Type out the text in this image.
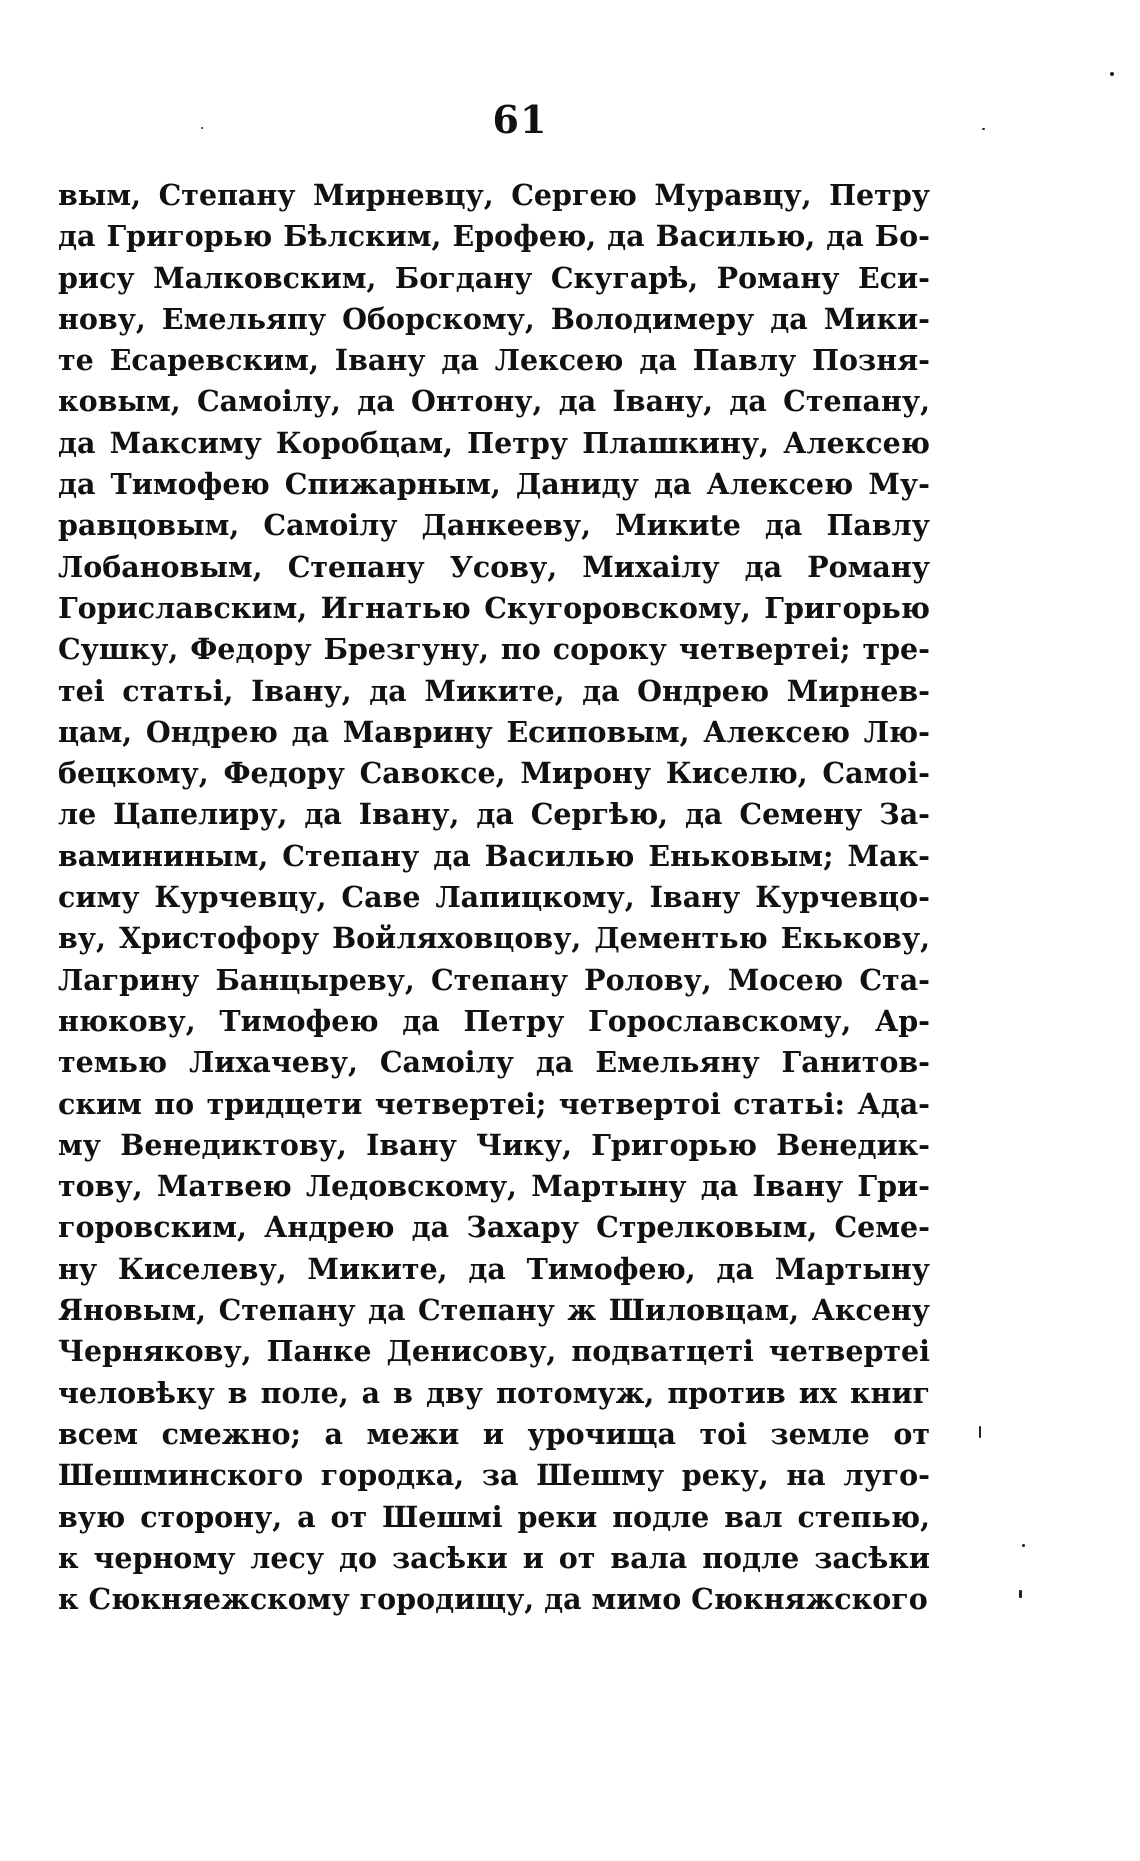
61
вым, Степану Мирневцу, Сергею Муравцу, Петру
да Григорью Бѣлским, Ерофею, да Василью, да Бо-
рису Малковским, Богдану Скугарѣ, Роману Еси-
нову, Емельяпу Оборскому, Володимеру да Мики-
те Есаревским, Івану да Лексею да Павлу Позня-
ковым, Самоілу, да Онтону, да Івану, да Степану,
да Максиму Коробцам, Петру Плашкину, Алексею
да Тимофею Спижарным, Даниду да Алексею Му-
равцовым, Самоілу Данкееву, Микиte да Павлу
Лобановым, Степану Усову, Михаілу да Роману
Гориславским, Игнатью Скугоровскому, Григорью
Сушку, Федору Брезгуну, по сороку четвертеі; тре-
теі статьі, Івану, да Миките, да Ондрею Мирнев-
цам, Ондрею да Маврину Есиповым, Алексею Лю-
бецкому, Федору Савоксе, Мирону Киселю, Самоі-
ле Цапелиру, да Івану, да Сергѣю, да Семену За-
вамининым, Степану да Василью Еньковым; Мак-
симу Курчевцу, Саве Лапицкому, Івану Курчевцо-
ву, Христофору Войляховцову, Дементью Екькову,
Лагрину Банцыреву, Степану Ролову, Мосею Ста-
нюкову, Тимофею да Петру Горославскому, Ар-
темью Лихачеву, Самоілу да Емельяну Ганитов-
ским по тридцети четвертеі; четвертоі статьі: Ада-
му Венедиктову, Івану Чику, Григорью Венедик-
тову, Матвею Ледовскому, Мартыну да Івану Гри-
горовским, Андрею да Захару Стрелковым, Семе-
ну Киселеву, Миките, да Тимофею, да Мартыну
Яновым, Степану да Степану ж Шиловцам, Аксену
Чернякову, Панке Денисову, подватцеті четвертеі
человѣку в поле, а в дву потомуж, против их книг
всем смежно; а межи и урочища тоі земле от
Шешминского городка, за Шешму реку, на луго-
вую сторону, а от Шешмі реки подле вал степью,
к черному лесу до засѣки и от вала подле засѣки
к Сюкняежскому городищу, да мимо Сюкняжского
